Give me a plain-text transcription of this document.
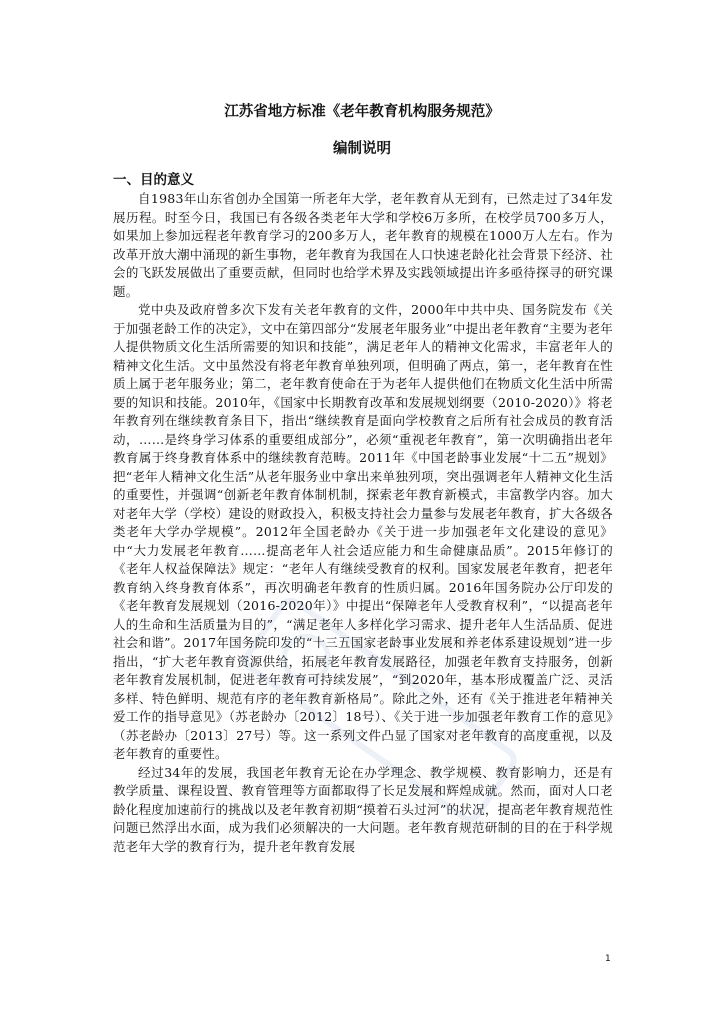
江苏省地方标准《老年教育机构服务规范》
编制说明
一、目的意义

自1983年山东省创办全国第一所老年大学，老年教育从无到有，已然走过了34年发展历程。时至今日，我国已有各级各类老年大学和学校6万多所，在校学员700多万人，如果加上参加远程老年教育学习的200多万人，老年教育的规模在1000万人左右。作为改革开放大潮中涌现的新生事物，老年教育为我国在人口快速老龄化社会背景下经济、社会的飞跃发展做出了重要贡献，但同时也给学术界及实践领域提出许多亟待探寻的研究课题。

党中央及政府曾多次下发有关老年教育的文件，2000年中共中央、国务院发布《关于加强老龄工作的决定》，文中在第四部分“发展老年服务业”中提出老年教育“主要为老年人提供物质文化生活所需要的知识和技能”，满足老年人的精神文化需求，丰富老年人的精神文化生活。文中虽然没有将老年教育单独列项，但明确了两点，第一，老年教育在性质上属于老年服务业；第二，老年教育使命在于为老年人提供他们在物质文化生活中所需要的知识和技能。2010年，《国家中长期教育改革和发展规划纲要（2010-2020）》将老年教育列在继续教育条目下，指出“继续教育是面向学校教育之后所有社会成员的教育活动，……是终身学习体系的重要组成部分”，必须“重视老年教育”，第一次明确指出老年教育属于终身教育体系中的继续教育范畴。2011年《中国老龄事业发展“十二五”规划》把“老年人精神文化生活”从老年服务业中拿出来单独列项，突出强调老年人精神文化生活的重要性，并强调“创新老年教育体制机制，探索老年教育新模式，丰富教学内容。加大对老年大学（学校）建设的财政投入，积极支持社会力量参与发展老年教育，扩大各级各类老年大学办学规模”。2012年全国老龄办《关于进一步加强老年文化建设的意见》中“大力发展老年教育……提高老年人社会适应能力和生命健康品质”。2015年修订的《老年人权益保障法》规定：“老年人有继续受教育的权利。国家发展老年教育，把老年教育纳入终身教育体系”，再次明确老年教育的性质归属。2016年国务院办公厅印发的《老年教育发展规划（2016-2020年）》中提出“保障老年人受教育权利”，“以提高老年人的生命和生活质量为目的”，“满足老年人多样化学习需求、提升老年人生活品质、促进社会和谐”。2017年国务院印发的“十三五国家老龄事业发展和养老体系建设规划”进一步指出，“扩大老年教育资源供给，拓展老年教育发展路径，加强老年教育支持服务，创新老年教育发展机制，促进老年教育可持续发展”，“到2020年，基本形成覆盖广泛、灵活多样、特色鲜明、规范有序的老年教育新格局”。除此之外，还有《关于推进老年精神关爱工作的指导意见》（苏老龄办〔2012〕18号）、《关于进一步加强老年教育工作的意见》（苏老龄办〔2013〕27号）等。这一系列文件凸显了国家对老年教育的高度重视，以及老年教育的重要性。

经过34年的发展，我国老年教育无论在办学理念、教学规模、教育影响力，还是有教学质量、课程设置、教育管理等方面都取得了长足发展和辉煌成就。然而，面对人口老龄化程度加速前行的挑战以及老年教育初期“摸着石头过河”的状况，提高老年教育规范性问题已然浮出水面，成为我们必须解决的一大问题。老年教育规范研制的目的在于科学规范老年大学的教育行为，提升老年教育发展

1
